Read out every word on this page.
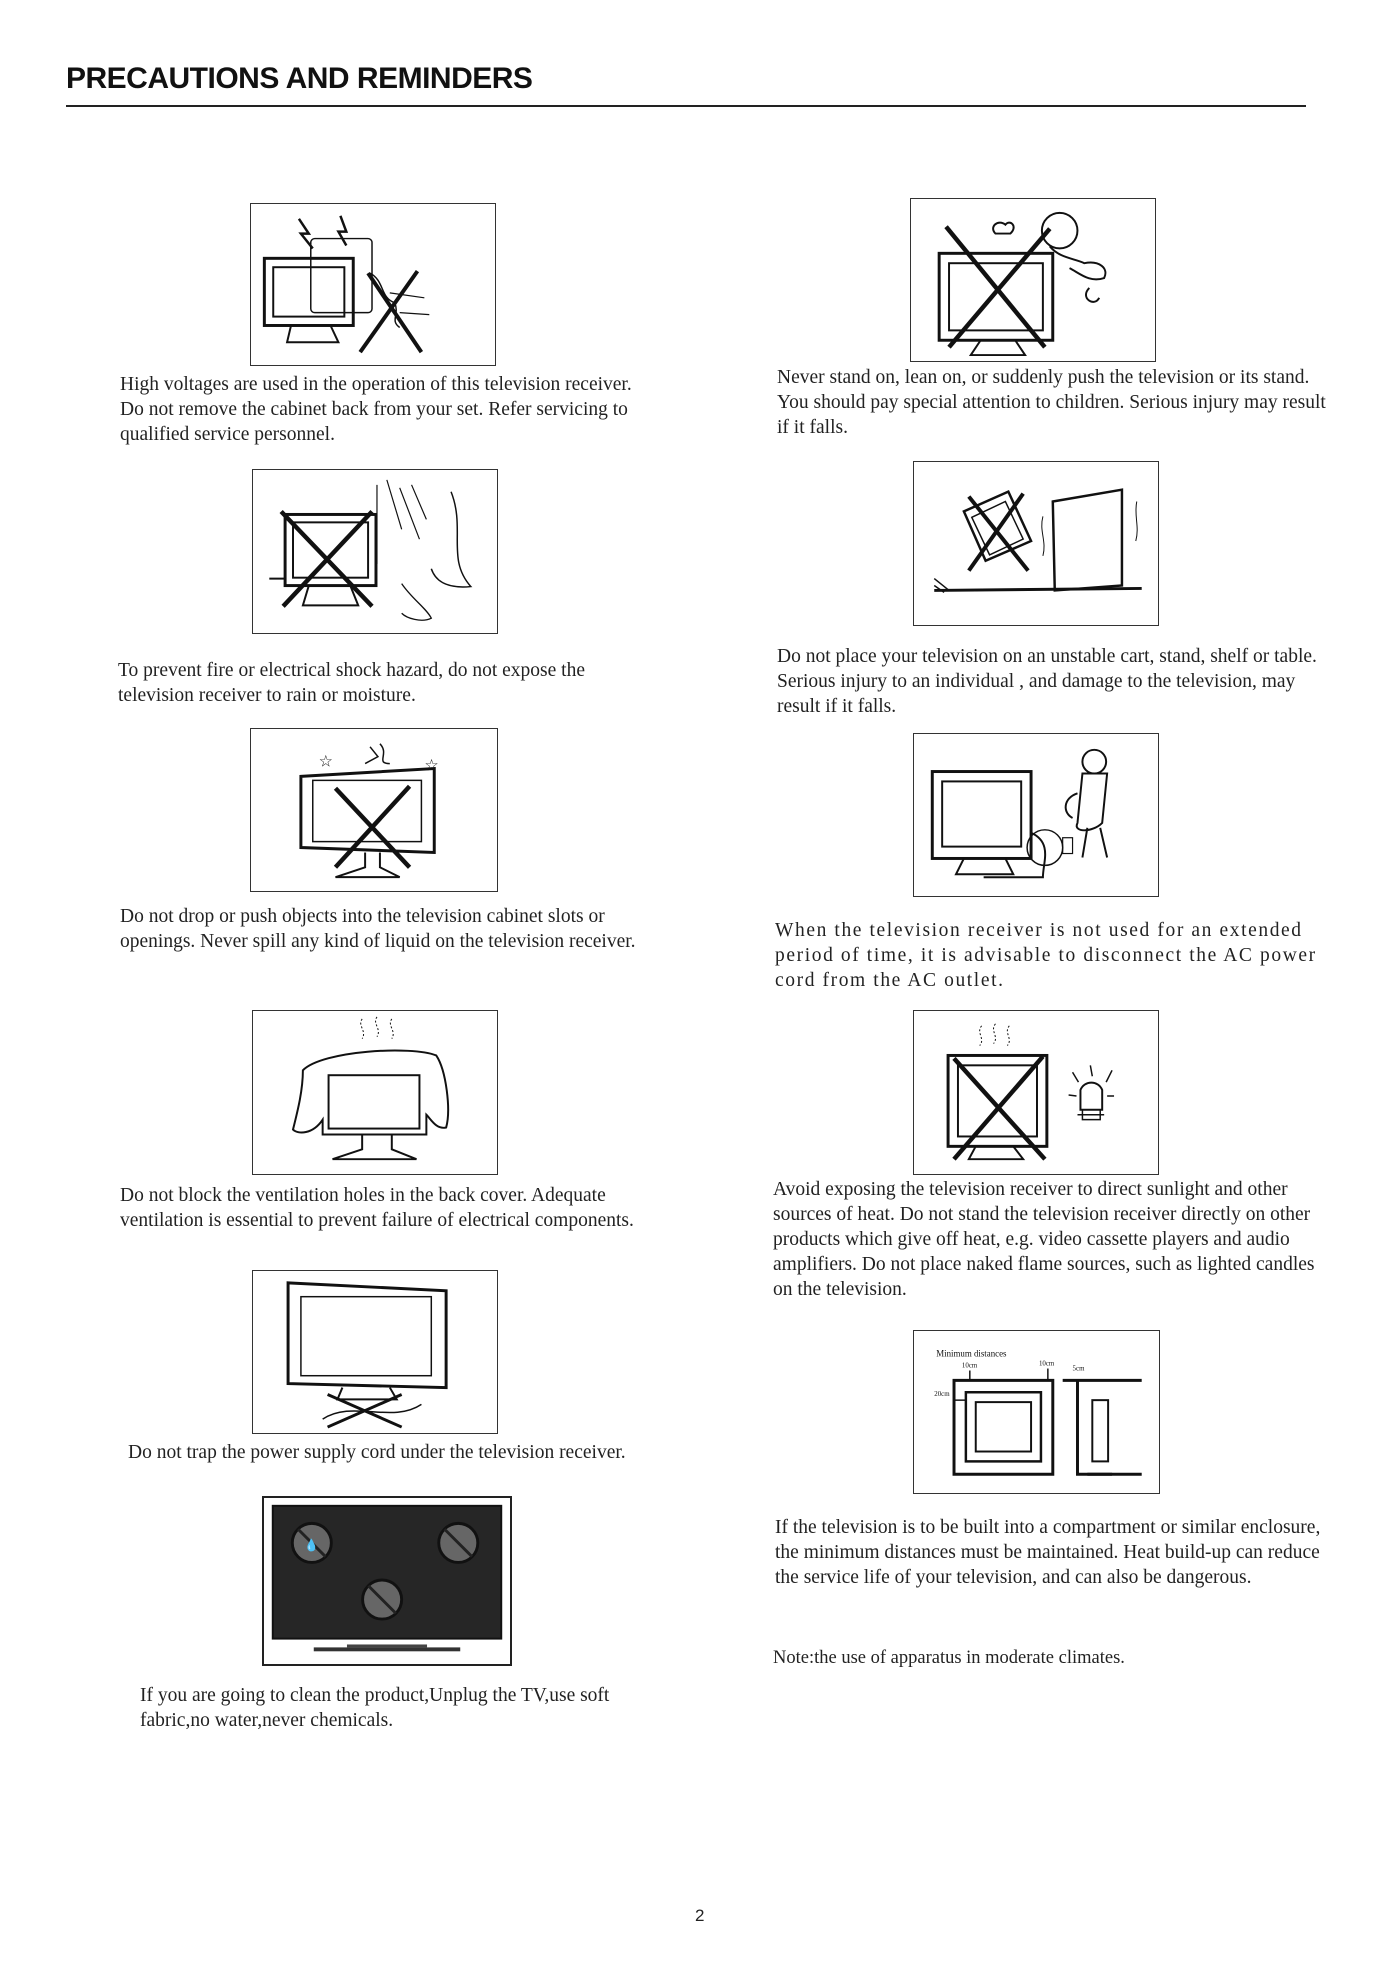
PRECAUTIONS AND REMINDERS

High voltages are used in the operation of this television receiver. Do not remove the cabinet back from your set. Refer servicing to qualified service personnel.

To prevent fire or electrical shock hazard, do not expose the television receiver to rain or moisture.

☆	☆

Do not drop or push objects into the television cabinet slots or openings. Never spill any kind of liquid on the television receiver.

Do not block the ventilation holes in the back cover. Adequate ventilation is essential to prevent failure of electrical components.

Do not trap the power supply cord under the television receiver.

💧

If you are going to clean the product,Unplug the TV,use soft fabric,no water,never chemicals.

Never stand on, lean on, or suddenly push the television or its stand. You should pay special attention to children. Serious injury may result if it falls.

Do not place your television on an unstable cart, stand, shelf or table. Serious injury to an individual , and damage to the television, may result if it falls.

When the television receiver is not used for an extended period of time, it is advisable to disconnect the AC power cord from the AC outlet.

Avoid exposing the television receiver to direct sunlight and other sources of heat. Do not stand the television receiver directly on other products which give off heat, e.g. video cassette players and audio amplifiers. Do not place naked flame sources, such as lighted candles on the television.

Minimum distances
10cm	10cm
5cm
20cm

If the television is to be built into a compartment or similar enclosure, the minimum distances must be maintained. Heat build-up can reduce the service life of your television, and can also be dangerous.

Note:the use of apparatus in moderate climates.

2
